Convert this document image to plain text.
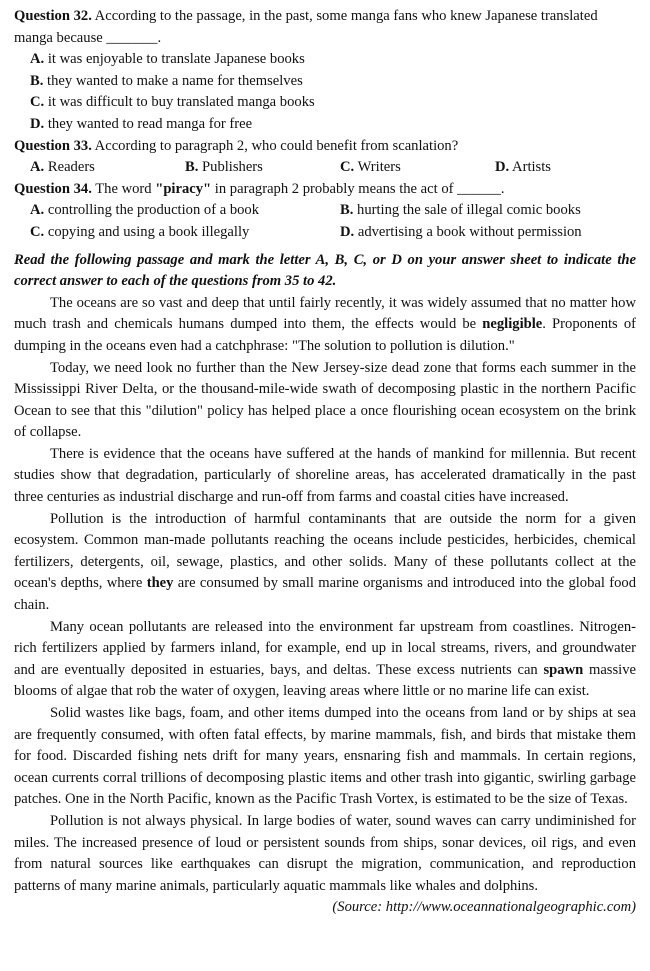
Question 32. According to the passage, in the past, some manga fans who knew Japanese translated manga because _______.

A. it was enjoyable to translate Japanese books

B. they wanted to make a name for themselves

C. it was difficult to buy translated manga books

D. they wanted to read manga for free

Question 33. According to paragraph 2, who could benefit from scanlation?

A. Readers	B. Publishers	C. Writers	D. Artists

Question 34. The word "piracy" in paragraph 2 probably means the act of ______.

A. controlling the production of a book	B. hurting the sale of illegal comic books
C. copying and using a book illegally	D. advertising a book without permission

Read the following passage and mark the letter A, B, C, or D on your answer sheet to indicate the correct answer to each of the questions from 35 to 42.

The oceans are so vast and deep that until fairly recently, it was widely assumed that no matter how much trash and chemicals humans dumped into them, the effects would be negligible. Proponents of dumping in the oceans even had a catchphrase: "The solution to pollution is dilution."

Today, we need look no further than the New Jersey-size dead zone that forms each summer in the Mississippi River Delta, or the thousand-mile-wide swath of decomposing plastic in the northern Pacific Ocean to see that this "dilution" policy has helped place a once flourishing ocean ecosystem on the brink of collapse.

There is evidence that the oceans have suffered at the hands of mankind for millennia. But recent studies show that degradation, particularly of shoreline areas, has accelerated dramatically in the past three centuries as industrial discharge and run-off from farms and coastal cities have increased.

Pollution is the introduction of harmful contaminants that are outside the norm for a given ecosystem. Common man-made pollutants reaching the oceans include pesticides, herbicides, chemical fertilizers, detergents, oil, sewage, plastics, and other solids. Many of these pollutants collect at the ocean's depths, where they are consumed by small marine organisms and introduced into the global food chain.

Many ocean pollutants are released into the environment far upstream from coastlines. Nitrogen-rich fertilizers applied by farmers inland, for example, end up in local streams, rivers, and groundwater and are eventually deposited in estuaries, bays, and deltas. These excess nutrients can spawn massive blooms of algae that rob the water of oxygen, leaving areas where little or no marine life can exist.

Solid wastes like bags, foam, and other items dumped into the oceans from land or by ships at sea are frequently consumed, with often fatal effects, by marine mammals, fish, and birds that mistake them for food. Discarded fishing nets drift for many years, ensnaring fish and mammals. In certain regions, ocean currents corral trillions of decomposing plastic items and other trash into gigantic, swirling garbage patches. One in the North Pacific, known as the Pacific Trash Vortex, is estimated to be the size of Texas.

Pollution is not always physical. In large bodies of water, sound waves can carry undiminished for miles. The increased presence of loud or persistent sounds from ships, sonar devices, oil rigs, and even from natural sources like earthquakes can disrupt the migration, communication, and reproduction patterns of many marine animals, particularly aquatic mammals like whales and dolphins.

(Source: http://www.oceannationalgeographic.com)
